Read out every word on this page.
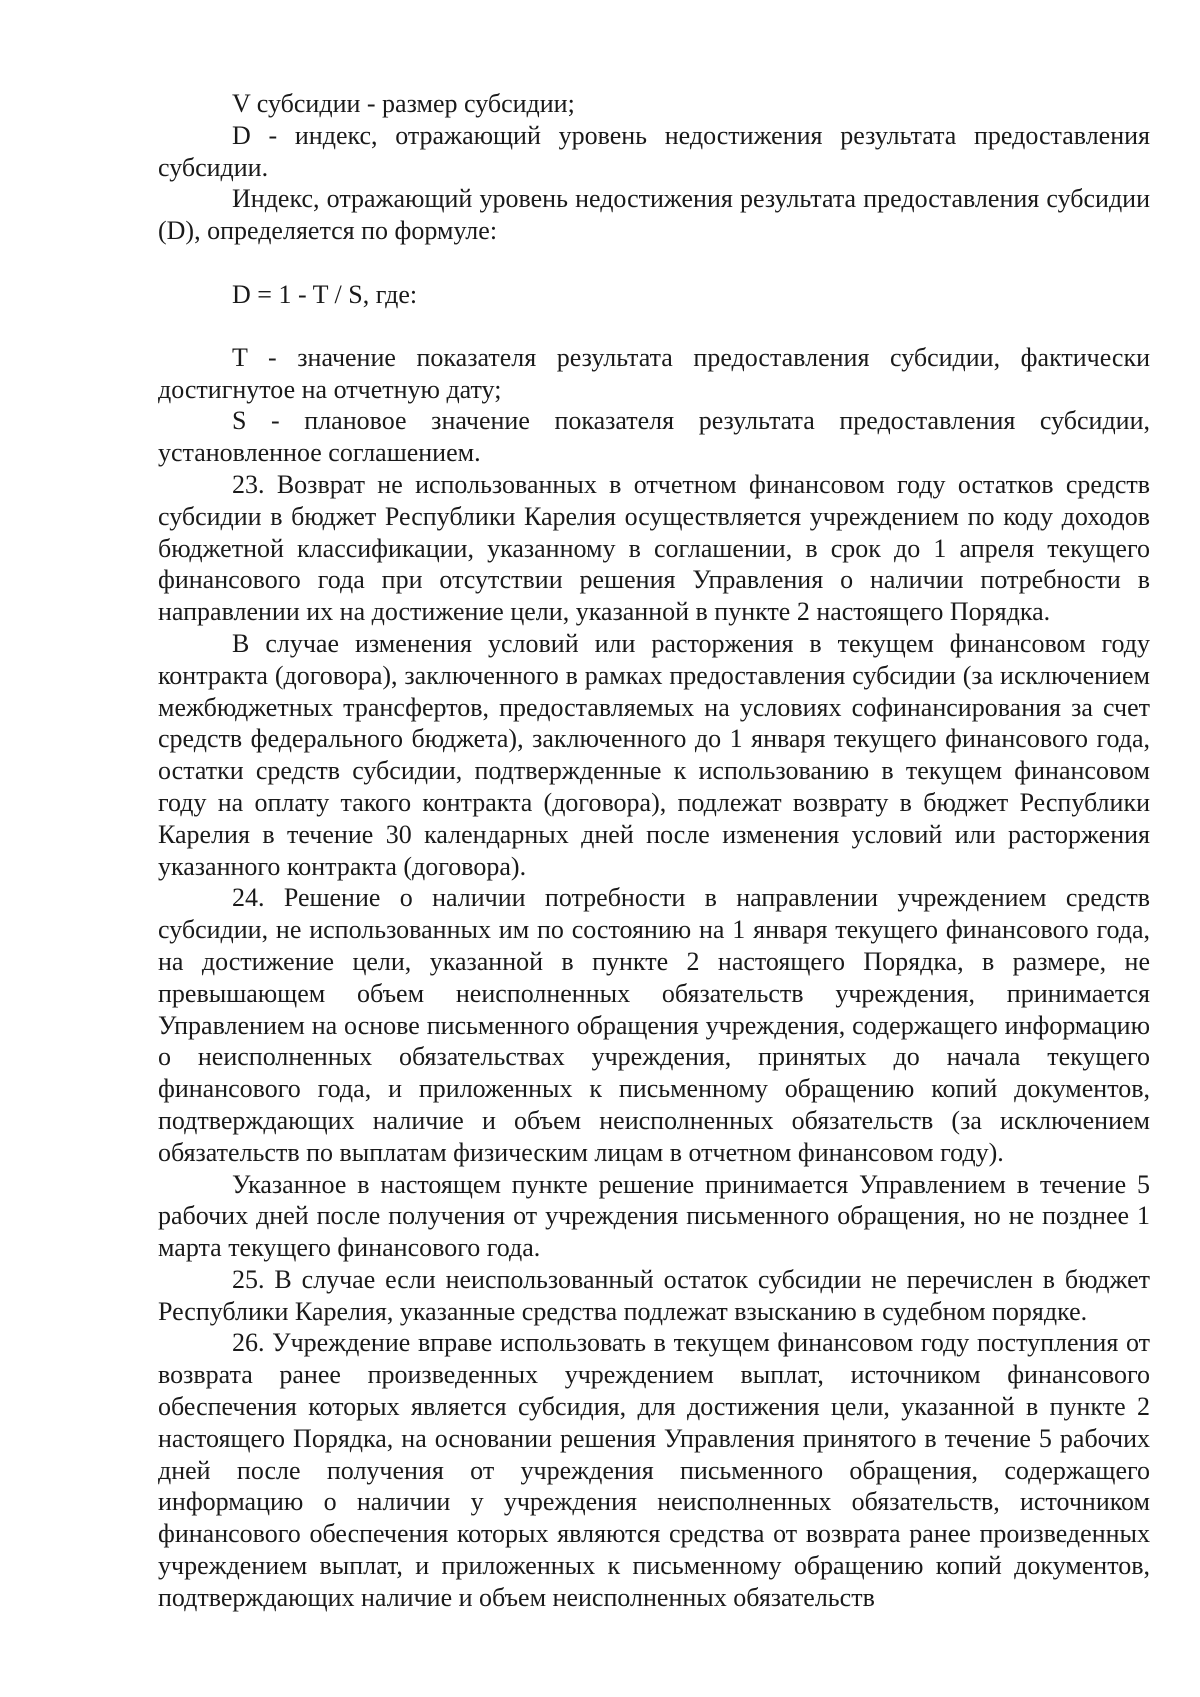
V субсидии - размер субсидии;

D - индекс, отражающий уровень недостижения результата предоставления субсидии.

Индекс, отражающий уровень недостижения результата предоставления субсидии (D), определяется по формуле:

D = 1 - T / S, где:

T - значение показателя результата предоставления субсидии, фактически достигнутое на отчетную дату;

S - плановое значение показателя результата предоставления субсидии, установленное соглашением.

23. Возврат не использованных в отчетном финансовом году остатков средств субсидии в бюджет Республики Карелия осуществляется учреждением по коду доходов бюджетной классификации, указанному в соглашении, в срок до 1 апреля текущего финансового года при отсутствии решения Управления о наличии потребности в направлении их на достижение цели, указанной в пункте 2 настоящего Порядка.

В случае изменения условий или расторжения в текущем финансовом году контракта (договора), заключенного в рамках предоставления субсидии (за исключением межбюджетных трансфертов, предоставляемых на условиях софинансирования за счет средств федерального бюджета), заключенного до 1 января текущего финансового года, остатки средств субсидии, подтвержденные к использованию в текущем финансовом году на оплату такого контракта (договора), подлежат возврату в бюджет Республики Карелия в течение 30 календарных дней после изменения условий или расторжения указанного контракта (договора).

24. Решение о наличии потребности в направлении учреждением средств субсидии, не использованных им по состоянию на 1 января текущего финансового года, на достижение цели, указанной в пункте 2 настоящего Порядка, в размере, не превышающем объем неисполненных обязательств учреждения, принимается Управлением на основе письменного обращения учреждения, содержащего информацию о неисполненных обязательствах учреждения, принятых до начала текущего финансового года, и приложенных к письменному обращению копий документов, подтверждающих наличие и объем неисполненных обязательств (за исключением обязательств по выплатам физическим лицам в отчетном финансовом году).

Указанное в настоящем пункте решение принимается Управлением в течение 5 рабочих дней после получения от учреждения письменного обращения, но не позднее 1 марта текущего финансового года.

25. В случае если неиспользованный остаток субсидии не перечислен в бюджет Республики Карелия, указанные средства подлежат взысканию в судебном порядке.

26. Учреждение вправе использовать в текущем финансовом году поступления от возврата ранее произведенных учреждением выплат, источником финансового обеспечения которых является субсидия, для достижения цели, указанной в пункте 2 настоящего Порядка, на основании решения Управления принятого в течение 5 рабочих дней после получения от учреждения письменного обращения, содержащего информацию о наличии у учреждения неисполненных обязательств, источником финансового обеспечения которых являются средства от возврата ранее произведенных учреждением выплат, и приложенных к письменному обращению копий документов, подтверждающих наличие и объем неисполненных обязательств
